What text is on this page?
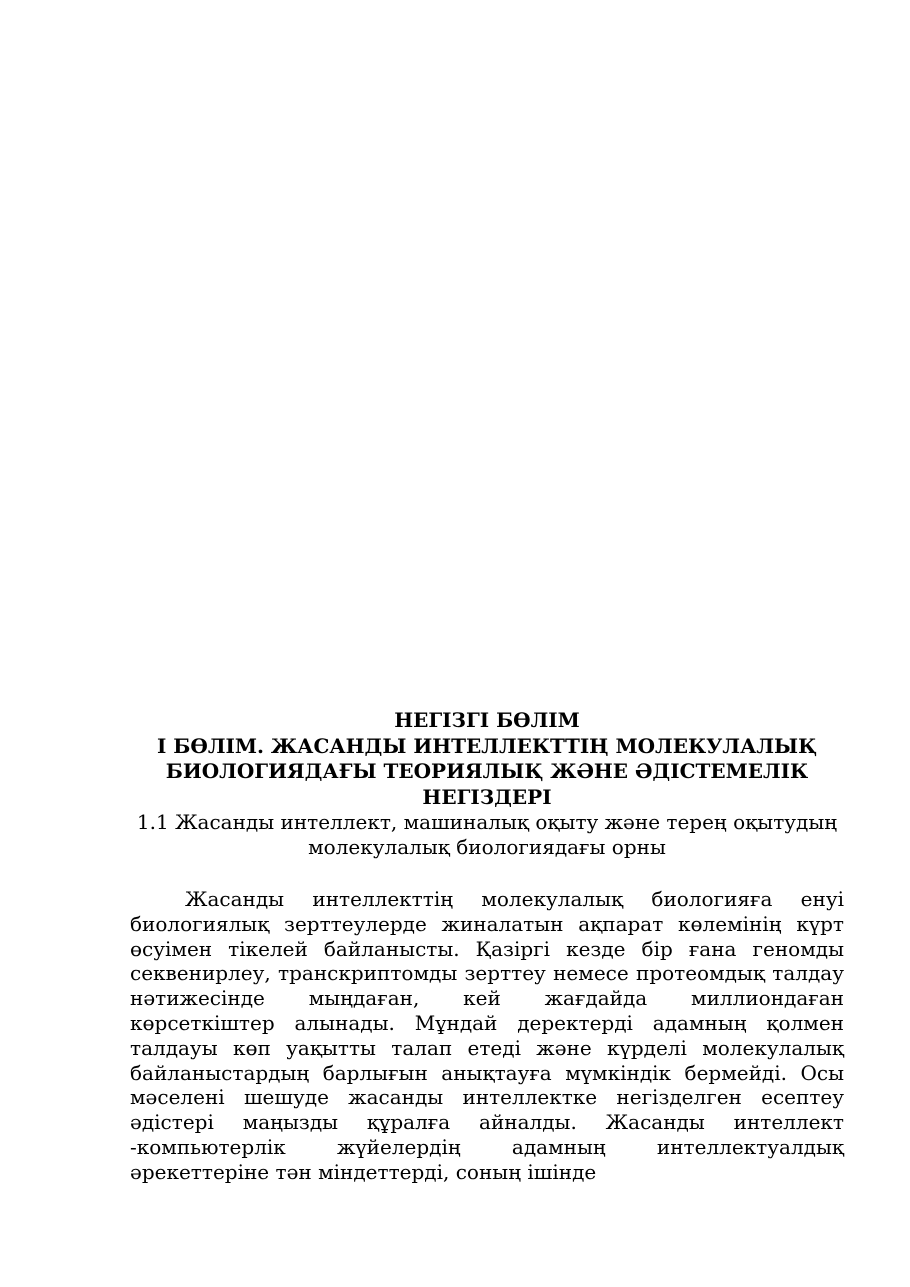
НЕГІЗГІ БӨЛІМ

І БӨЛІМ. ЖАСАНДЫ ИНТЕЛЛЕКТТІҢ МОЛЕКУЛАЛЫҚ БИОЛОГИЯДАҒЫ ТЕОРИЯЛЫҚ ЖӘНЕ ӘДІСТЕМЕЛІК НЕГІЗДЕРІ

1.1 Жасанды интеллект, машиналық оқыту және терең оқытудың молекулалық биологиядағы орны

Жасанды интеллекттің молекулалық биологияға енуі биологиялық зерттеулерде жиналатын ақпарат көлемінің күрт өсуімен тікелей байланысты. Қазіргі кезде бір ғана геномды секвенирлеу, транскриптомды зерттеу немесе протеомдық талдау нәтижесінде мыңдаған, кей жағдайда миллиондаған көрсеткіштер алынады. Мұндай деректерді адамның қолмен талдауы көп уақытты талап етеді және күрделі молекулалық байланыстардың барлығын анықтауға мүмкіндік бермейді. Осы мәселені шешуде жасанды интеллектке негізделген есептеу әдістері маңызды құралға айналды. Жасанды интеллект -компьютерлік жүйелердің адамның интеллектуалдық әрекеттеріне тән міндеттерді, соның ішінде
